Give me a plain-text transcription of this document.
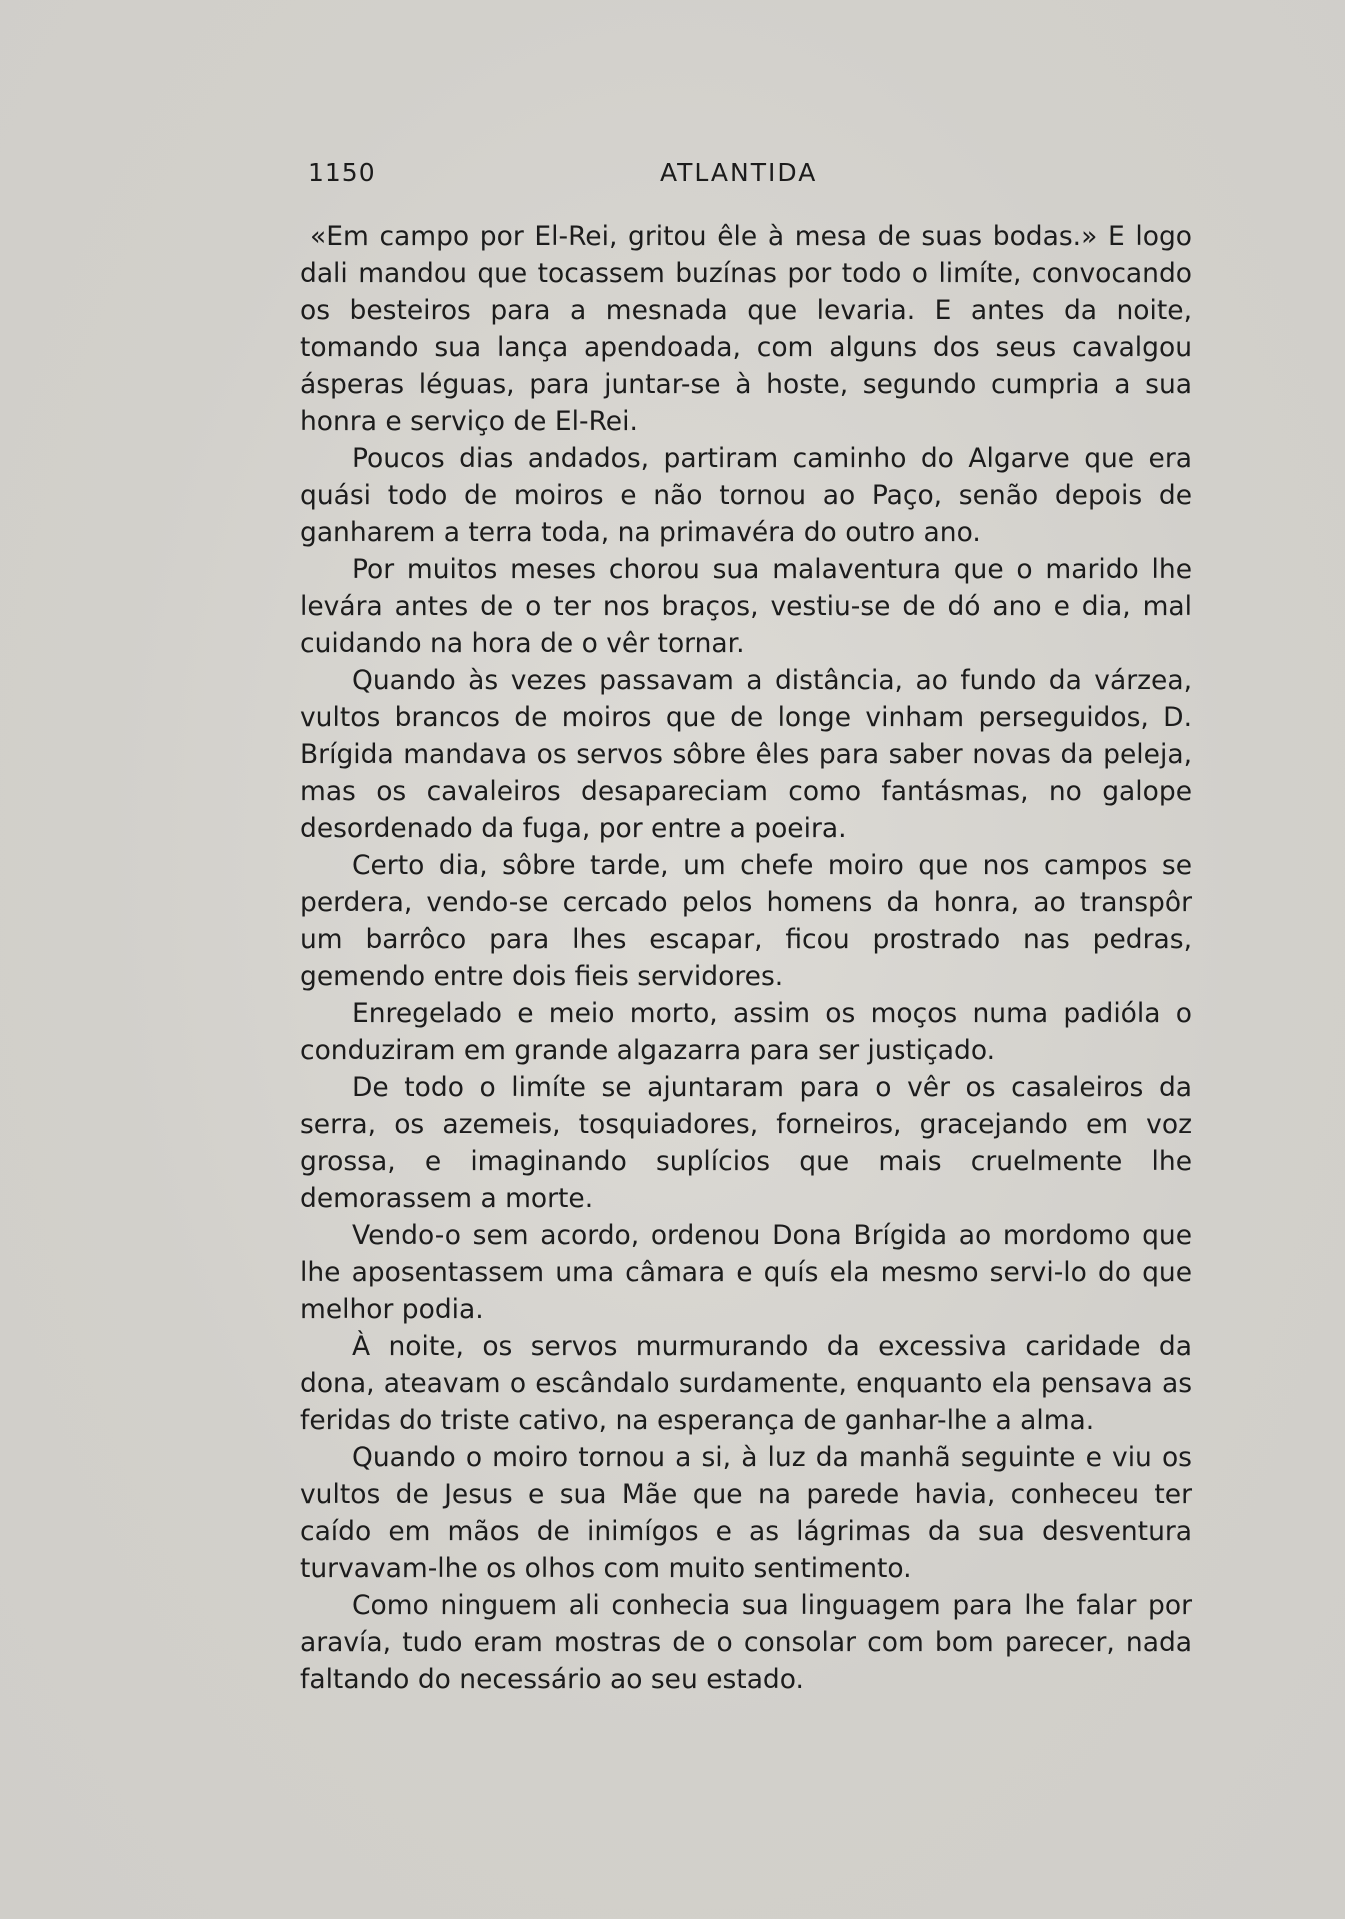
1150	ATLANTIDA

«Em campo por El-Rei, gritou êle à mesa de suas bodas.» E logo dali mandou que tocassem buzínas por todo o limíte, convocando os besteiros para a mesnada que levaria. E antes da noite, tomando sua lança apendoada, com alguns dos seus cavalgou ásperas léguas, para juntar-se à hoste, segundo cumpria a sua honra e serviço de El-Rei.

Poucos dias andados, partiram caminho do Algarve que era quási todo de moiros e não tornou ao Paço, senão depois de ganharem a terra toda, na primavéra do outro ano.

Por muitos meses chorou sua malaventura que o marido lhe levára antes de o ter nos braços, vestiu-se de dó ano e dia, mal cuidando na hora de o vêr tornar.

Quando às vezes passavam a distância, ao fundo da várzea, vultos brancos de moiros que de longe vinham perseguidos, D. Brígida mandava os servos sôbre êles para saber novas da peleja, mas os cavaleiros desapareciam como fantásmas, no galope desordenado da fuga, por entre a poeira.

Certo dia, sôbre tarde, um chefe moiro que nos campos se perdera, vendo-se cercado pelos homens da honra, ao transpôr um barrôco para lhes escapar, ficou prostrado nas pedras, gemendo entre dois fieis servidores.

Enregelado e meio morto, assim os moços numa padióla o conduziram em grande algazarra para ser justiçado.

De todo o limíte se ajuntaram para o vêr os casaleiros da serra, os azemeis, tosquiadores, forneiros, gracejando em voz grossa, e imaginando suplícios que mais cruelmente lhe demorassem a morte.

Vendo-o sem acordo, ordenou Dona Brígida ao mordomo que lhe aposentassem uma câmara e quís ela mesmo servi-lo do que melhor podia.

À noite, os servos murmurando da excessiva caridade da dona, ateavam o escândalo surdamente, enquanto ela pensava as feridas do triste cativo, na esperança de ganhar-lhe a alma.

Quando o moiro tornou a si, à luz da manhã seguinte e viu os vultos de Jesus e sua Mãe que na parede havia, conheceu ter caído em mãos de inimígos e as lágrimas da sua desventura turvavam-lhe os olhos com muito sentimento.

Como ninguem ali conhecia sua linguagem para lhe falar por aravía, tudo eram mostras de o consolar com bom parecer, nada faltando do necessário ao seu estado.
